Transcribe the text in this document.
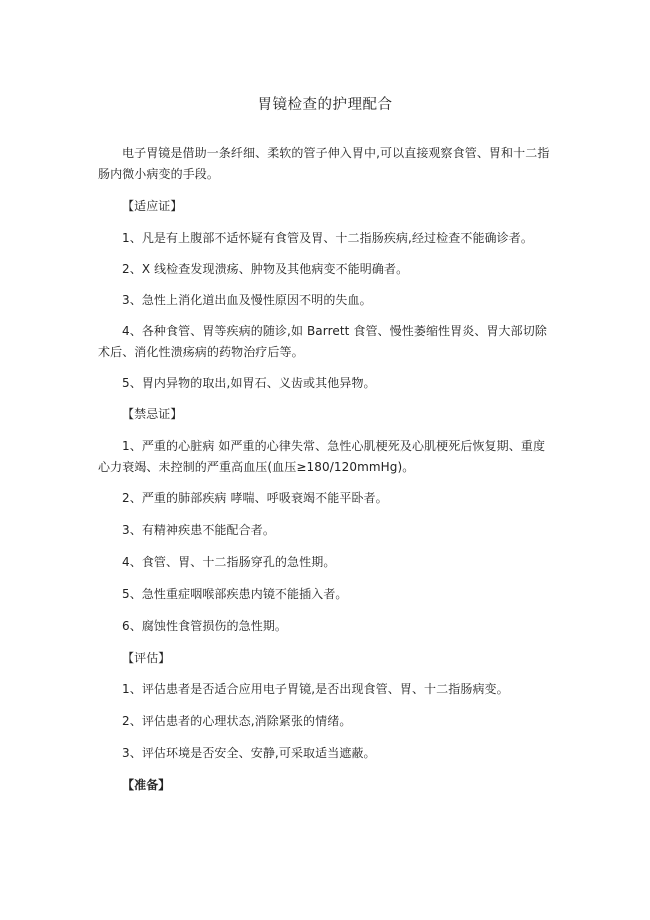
胃镜检查的护理配合
电子胃镜是借助一条纤细、柔软的管子伸入胃中,可以直接观察食管、胃和十二指肠内微小病变的手段。
【适应证】
1、凡是有上腹部不适怀疑有食管及胃、十二指肠疾病,经过检查不能确诊者。
2、X 线检查发现溃疡、肿物及其他病变不能明确者。
3、急性上消化道出血及慢性原因不明的失血。
4、各种食管、胃等疾病的随诊,如 Barrett 食管、慢性萎缩性胃炎、胃大部切除术后、消化性溃疡病的药物治疗后等。
5、胃内异物的取出,如胃石、义齿或其他异物。
【禁忌证】
1、严重的心脏病 如严重的心律失常、急性心肌梗死及心肌梗死后恢复期、重度心力衰竭、未控制的严重高血压(血压≥180/120mmHg)。
2、严重的肺部疾病 哮喘、呼吸衰竭不能平卧者。
3、有精神疾患不能配合者。
4、食管、胃、十二指肠穿孔的急性期。
5、急性重症咽喉部疾患内镜不能插入者。
6、腐蚀性食管损伤的急性期。
【评估】
1、评估患者是否适合应用电子胃镜,是否出现食管、胃、十二指肠病变。
2、评估患者的心理状态,消除紧张的情绪。
3、评估环境是否安全、安静,可采取适当遮蔽。
【准备】
